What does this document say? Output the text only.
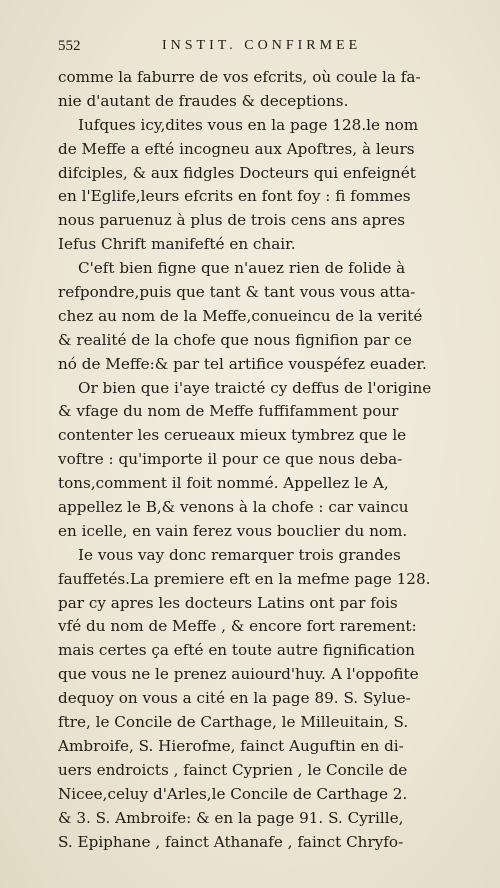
552	INSTIT. CONFIRMEE
comme la faburre de vos efcrits, où coule la fa-
nie d'autant de fraudes & deceptions.
Iufques icy,dites vous en la page 128.le nom
de Meffe a efté incogneu aux Apoftres, à leurs
difciples, & aux fidgles Docteurs qui enfeignét
en l'Eglife,leurs efcrits en font foy : fi fommes
nous paruenuz à plus de trois cens ans apres
Iefus Chrift manifefté en chair.
C'eft bien figne que n'auez rien de folide à
refpondre,puis que tant & tant vous vous atta-
chez au nom de la Meffe,conueincu de la verité
& realité de la chofe que nous fignifion par ce
nó de Meffe:& par tel artifice vouspéfez euader.
Or bien que i'aye traicté cy deffus de l'origine
& vfage du nom de Meffe fuffifamment pour
contenter les cerueaux mieux tymbrez que le
voftre : qu'importe il pour ce que nous deba-
tons,comment il foit nommé. Appellez le A,
appellez le B,& venons à la chofe : car vaincu
en icelle, en vain ferez vous bouclier du nom.
Ie vous vay donc remarquer trois grandes
fauffetés.La premiere eft en la mefme page 128.
par cy apres les docteurs Latins ont par fois
vfé du nom de Meffe , & encore fort rarement:
mais certes ça efté en toute autre fignification
que vous ne le prenez auiourd'huy. A l'oppofite
dequoy on vous a cité en la page 89. S. Sylue-
ftre, le Concile de Carthage, le Milleuitain, S.
Ambroife, S. Hierofme, fainct Auguftin en di-
uers endroicts , fainct Cyprien , le Concile de
Nicee,celuy d'Arles,le Concile de Carthage 2.
& 3. S. Ambroife: & en la page 91. S. Cyrille,
S. Epiphane , fainct Athanafe , fainct Chryfo-
